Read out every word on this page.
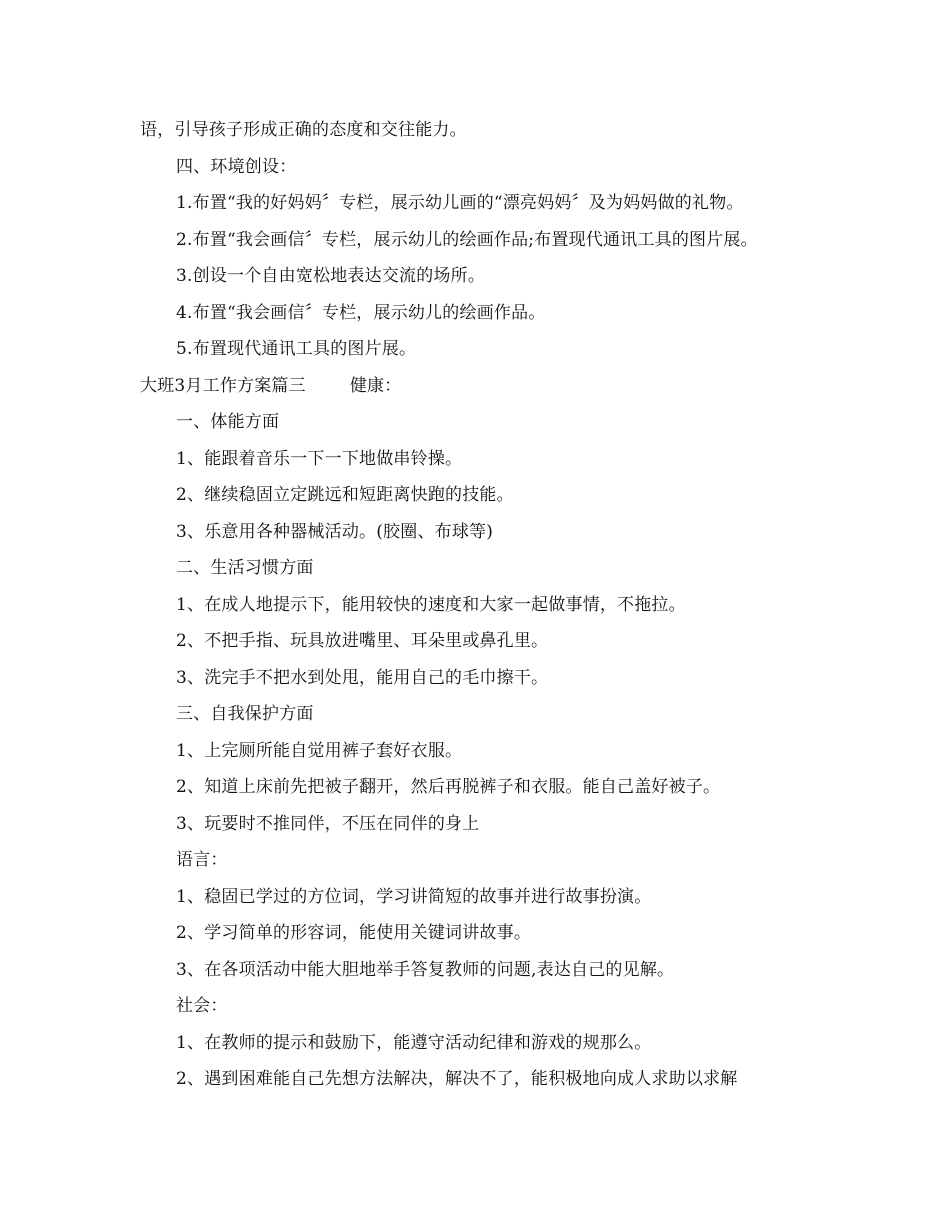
语，引导孩子形成正确的态度和交往能力。
四、环境创设：
1.布置“我的好妈妈〞专栏，展示幼儿画的“漂亮妈妈〞及为妈妈做的礼物。
2.布置“我会画信〞专栏，展示幼儿的绘画作品;布置现代通讯工具的图片展。
3.创设一个自由宽松地表达交流的场所。
4.布置“我会画信〞专栏，展示幼儿的绘画作品。
5.布置现代通讯工具的图片展。
大班3月工作方案篇三	健康：
一、体能方面
1、能跟着音乐一下一下地做串铃操。
2、继续稳固立定跳远和短距离快跑的技能。
3、乐意用各种器械活动。(胶圈、布球等)
二、生活习惯方面
1、在成人地提示下，能用较快的速度和大家一起做事情，不拖拉。
2、不把手指、玩具放进嘴里、耳朵里或鼻孔里。
3、洗完手不把水到处甩，能用自己的毛巾擦干。
三、自我保护方面
1、上完厕所能自觉用裤子套好衣服。
2、知道上床前先把被子翻开，然后再脱裤子和衣服。能自己盖好被子。
3、玩要时不推同伴，不压在同伴的身上
语言：
1、稳固已学过的方位词，学习讲简短的故事并进行故事扮演。
2、学习简单的形容词，能使用关键词讲故事。
3、在各项活动中能大胆地举手答复教师的问题,表达自己的见解。
社会：
1、在教师的提示和鼓励下，能遵守活动纪律和游戏的规那么。
2、遇到困难能自己先想方法解决，解决不了，能积极地向成人求助以求解
